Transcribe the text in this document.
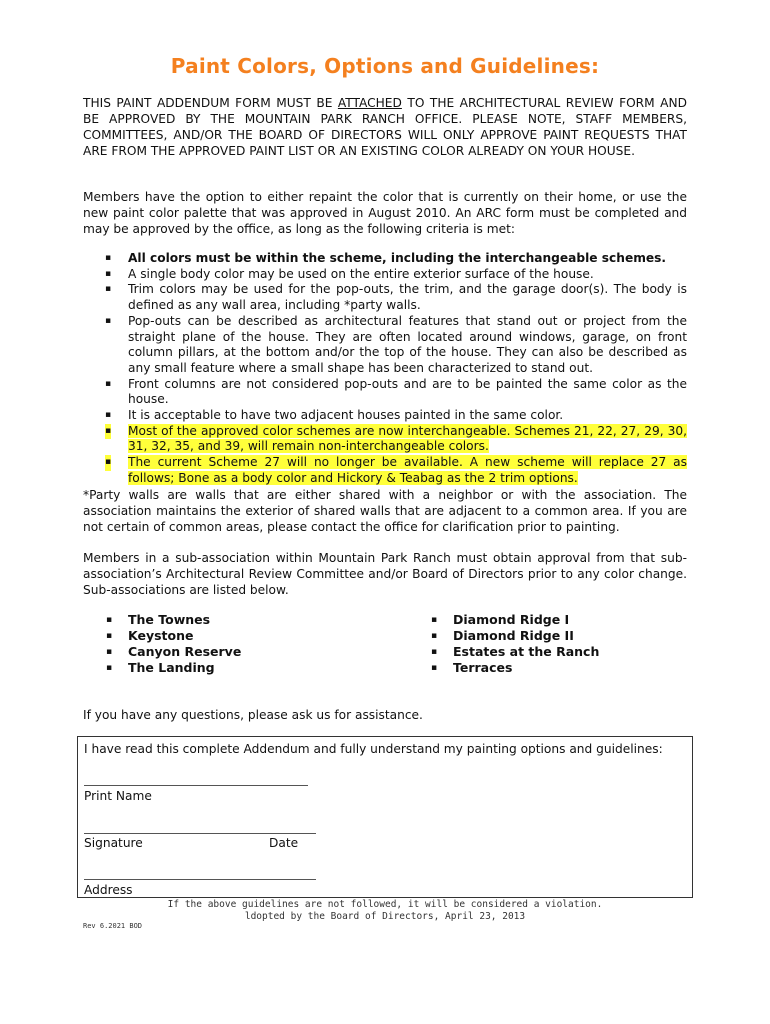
Paint Colors, Options and Guidelines:

THIS PAINT ADDENDUM FORM MUST BE ATTACHED TO THE ARCHITECTURAL REVIEW FORM AND BE APPROVED BY THE MOUNTAIN PARK RANCH OFFICE. PLEASE NOTE, STAFF MEMBERS, COMMITTEES, AND/OR THE BOARD OF DIRECTORS WILL ONLY APPROVE PAINT REQUESTS THAT ARE FROM THE APPROVED PAINT LIST OR AN EXISTING COLOR ALREADY ON YOUR HOUSE.

Members have the option to either repaint the color that is currently on their home, or use the new paint color palette that was approved in August 2010. An ARC form must be completed and may be approved by the office, as long as the following criteria is met:

▪ All colors must be within the scheme, including the interchangeable schemes.
▪ A single body color may be used on the entire exterior surface of the house.
▪ Trim colors may be used for the pop-outs, the trim, and the garage door(s). The body is defined as any wall area, including *party walls.
▪ Pop-outs can be described as architectural features that stand out or project from the straight plane of the house. They are often located around windows, garage, on front column pillars, at the bottom and/or the top of the house. They can also be described as any small feature where a small shape has been characterized to stand out.
▪ Front columns are not considered pop-outs and are to be painted the same color as the house.
▪ It is acceptable to have two adjacent houses painted in the same color.
▪ Most of the approved color schemes are now interchangeable. Schemes 21, 22, 27, 29, 30, 31, 32, 35, and 39, will remain non-interchangeable colors.
▪ The current Scheme 27 will no longer be available. A new scheme will replace 27 as follows; Bone as a body color and Hickory & Teabag as the 2 trim options.

*Party walls are walls that are either shared with a neighbor or with the association. The association maintains the exterior of shared walls that are adjacent to a common area. If you are not certain of common areas, please contact the office for clarification prior to painting.

Members in a sub-association within Mountain Park Ranch must obtain approval from that sub-association’s Architectural Review Committee and/or Board of Directors prior to any color change. Sub-associations are listed below.

▪ The Townes
▪ Keystone
▪ Canyon Reserve
▪ The Landing
▪ Diamond Ridge I
▪ Diamond Ridge II
▪ Estates at the Ranch
▪ Terraces

If you have any questions, please ask us for assistance.

I have read this complete Addendum and fully understand my painting options and guidelines:
Print Name
Signature	Date
Address
If the above guidelines are not followed, it will be considered a violation.
ldopted by the Board of Directors, April 23, 2013
Rev 6.2021 BOD
